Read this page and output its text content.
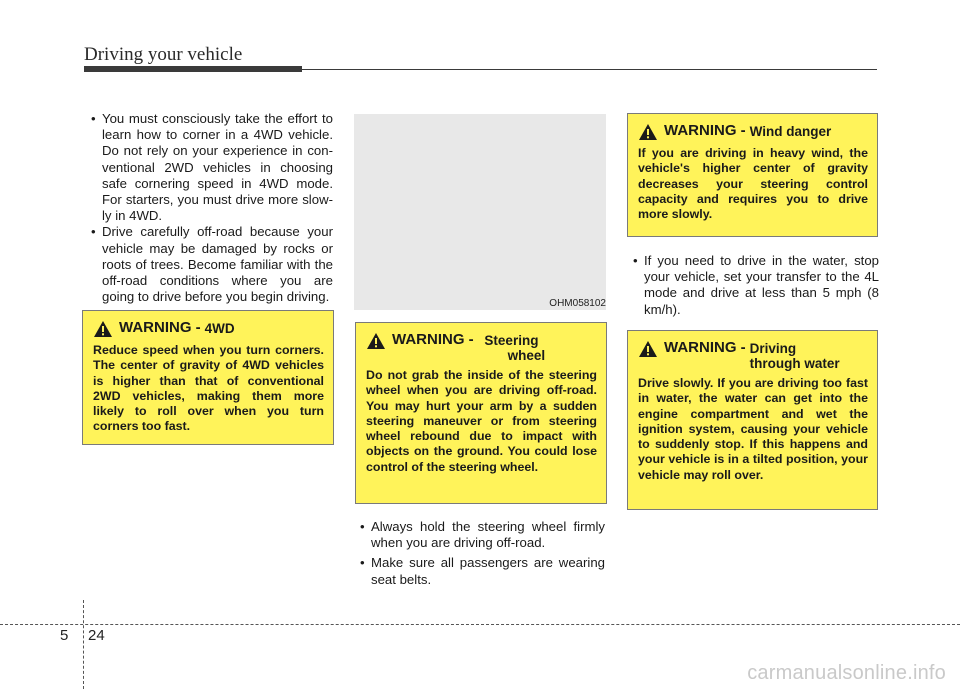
Driving your vehicle
• You must consciously take the effort to learn how to corner in a 4WD vehicle. Do not rely on your experience in conventional 2WD vehicles in choosing safe cornering speed in 4WD mode. For starters, you must drive more slowly in 4WD.
• Drive carefully off-road because your vehicle may be damaged by rocks or roots of trees. Become familiar with the off-road conditions where you are going to drive before you begin driving.
WARNING - 4WD
Reduce speed when you turn corners. The center of gravity of 4WD vehicles is higher than that of conventional 2WD vehicles, making them more likely to roll over when you turn corners too fast.
OHM058102
WARNING - Steering
wheel
Do not grab the inside of the steering wheel when you are driving off-road. You may hurt your arm by a sudden steering maneuver or from steering wheel rebound due to impact with objects on the ground. You could lose control of the steering wheel.
• Always hold the steering wheel firmly when you are driving off-road.
• Make sure all passengers are wearing seat belts.
WARNING - Wind danger
If you are driving in heavy wind, the vehicle's higher center of gravity decreases your steering control capacity and requires you to drive more slowly.
• If you need to drive in the water, stop your vehicle, set your transfer to the 4L mode and drive at less than 5 mph (8 km/h).
WARNING - Driving
through water
Drive slowly. If you are driving too fast in water, the water can get into the engine compartment and wet the ignition system, causing your vehicle to suddenly stop. If this happens and your vehicle is in a tilted position, your vehicle may roll over.
5 24
carmanualsonline.info
